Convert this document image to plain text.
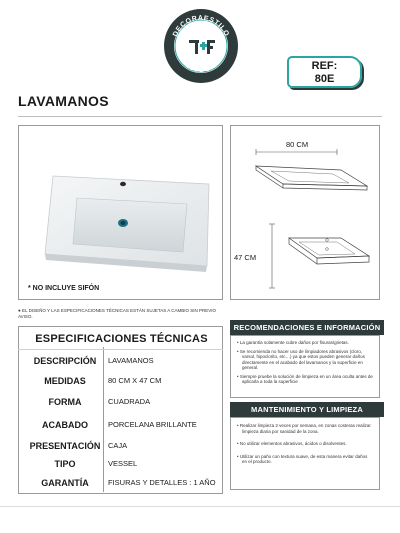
DECORAESTILO
DESDE 2012	REF:
80E
LAVAMANOS
* NO INCLUYE SIFÓN
80 CM
47 CM
● EL DISEÑO Y LAS ESPECIFICACIONES TÉCNICAS ESTÁN SUJETAS A CAMBIO SIN PREVIO AVISO.
ESPECIFICACIONES TÉCNICAS
DESCRIPCIÓN	LAVAMANOS
MEDIDAS	80 CM X 47 CM
FORMA	CUADRADA
ACABADO	PORCELANA BRILLANTE
PRESENTACIÓN	CAJA
TIPO	VESSEL
GARANTÍA	FISURAS Y DETALLES : 1 AÑO
RECOMENDACIONES E INFORMACIÓN
• La garantía solamente cubre daños por fisuras/grietas.
• Se recomienda no hacer uso de limpiadores abrasivos (cloro, varsol, hipoclorito, etc…) ya que estos pueden generar daños directamente en el acabado del lavamanos y la superficie en general.
• Siempre pruebe la solución de limpieza en un área oculta antes de aplicarla a toda la superficie
MANTENIMIENTO Y LIMPIEZA
• Realizar limpieza 2 veces por semana, en zonas costeras realizar limpieza diaria por sanidad de la zona.
• No utilizar elementos abrasivos, ácidos o disolventes.
• Utilizar un paño con textura suave, de esta manera evitar daños en el producto.
